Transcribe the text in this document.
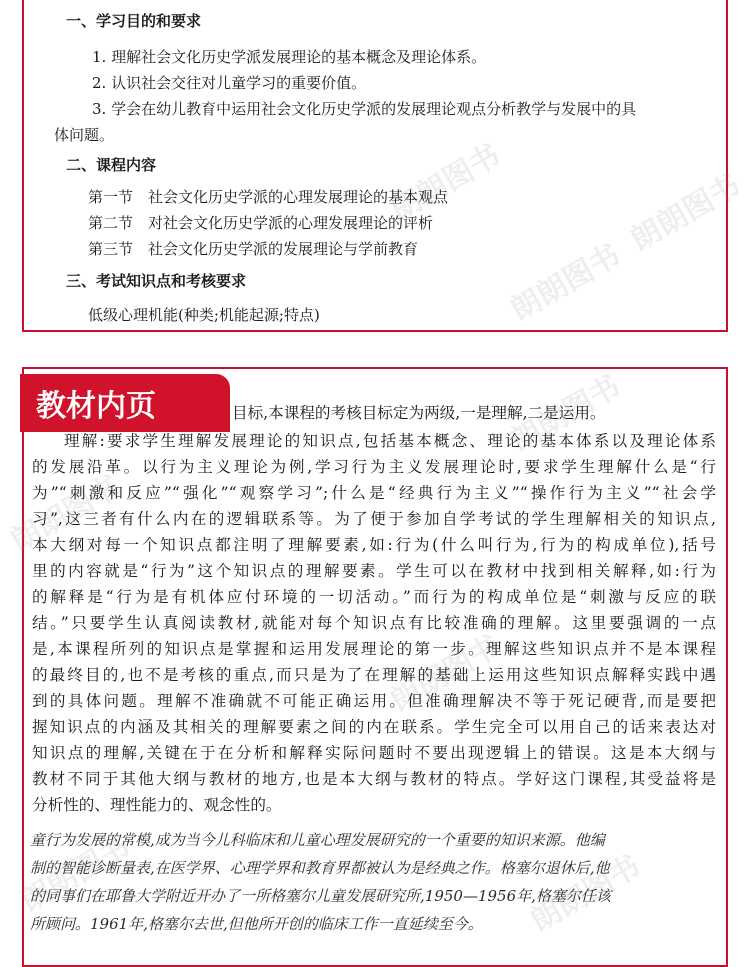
朗朗图书
朗朗图书
朗朗图书
一、学习目的和要求
1. 理解社会文化历史学派发展理论的基本概念及理论体系。
2. 认识社会交往对儿童学习的重要价值。
3. 学会在幼儿教育中运用社会文化历史学派的发展理论观点分析教学与发展中的具
体问题。
二、课程内容
第一节　社会文化历史学派的心理发展理论的基本观点
第二节　对社会文化历史学派的心理发展理论的评析
第三节　社会文化历史学派的发展理论与学前教育
三、考试知识点和考核要求
低级心理机能(种类;机能起源;特点)
朗朗图书
朗朗图书
朗朗图书
朗朗图书	朗朗图书
教材内页	目标,本课程的考核目标定为两级,一是理解,二是运用。
理解:要求学生理解发展理论的知识点,包括基本概念、理论的基本体系以及理论体系
的发展沿革。以行为主义理论为例,学习行为主义发展理论时,要求学生理解什么是“行
为”“刺激和反应”“强化”“观察学习”;什么是“经典行为主义”“操作行为主义”“社会学
习”,这三者有什么内在的逻辑联系等。为了便于参加自学考试的学生理解相关的知识点,
本大纲对每一个知识点都注明了理解要素,如:行为(什么叫行为,行为的构成单位),括号
里的内容就是“行为”这个知识点的理解要素。学生可以在教材中找到相关解释,如:行为
的解释是“行为是有机体应付环境的一切活动。”而行为的构成单位是“刺激与反应的联
结。”只要学生认真阅读教材,就能对每个知识点有比较准确的理解。这里要强调的一点
是,本课程所列的知识点是掌握和运用发展理论的第一步。理解这些知识点并不是本课程
的最终目的,也不是考核的重点,而只是为了在理解的基础上运用这些知识点解释实践中遇
到的具体问题。理解不准确就不可能正确运用。但准确理解决不等于死记硬背,而是要把
握知识点的内涵及其相关的理解要素之间的内在联系。学生完全可以用自己的话来表达对
知识点的理解,关键在于在分析和解释实际问题时不要出现逻辑上的错误。这是本大纲与
教材不同于其他大纲与教材的地方,也是本大纲与教材的特点。学好这门课程,其受益将是
分析性的、理性能力的、观念性的。
童行为发展的常模,成为当今儿科临床和儿童心理发展研究的一个重要的知识来源。他编
制的智能诊断量表,在医学界、心理学界和教育界都被认为是经典之作。格塞尔退休后,他
的同事们在耶鲁大学附近开办了一所格塞尔儿童发展研究所,1950—1956年,格塞尔任该
所顾问。1961年,格塞尔去世,但他所开创的临床工作一直延续至今。
